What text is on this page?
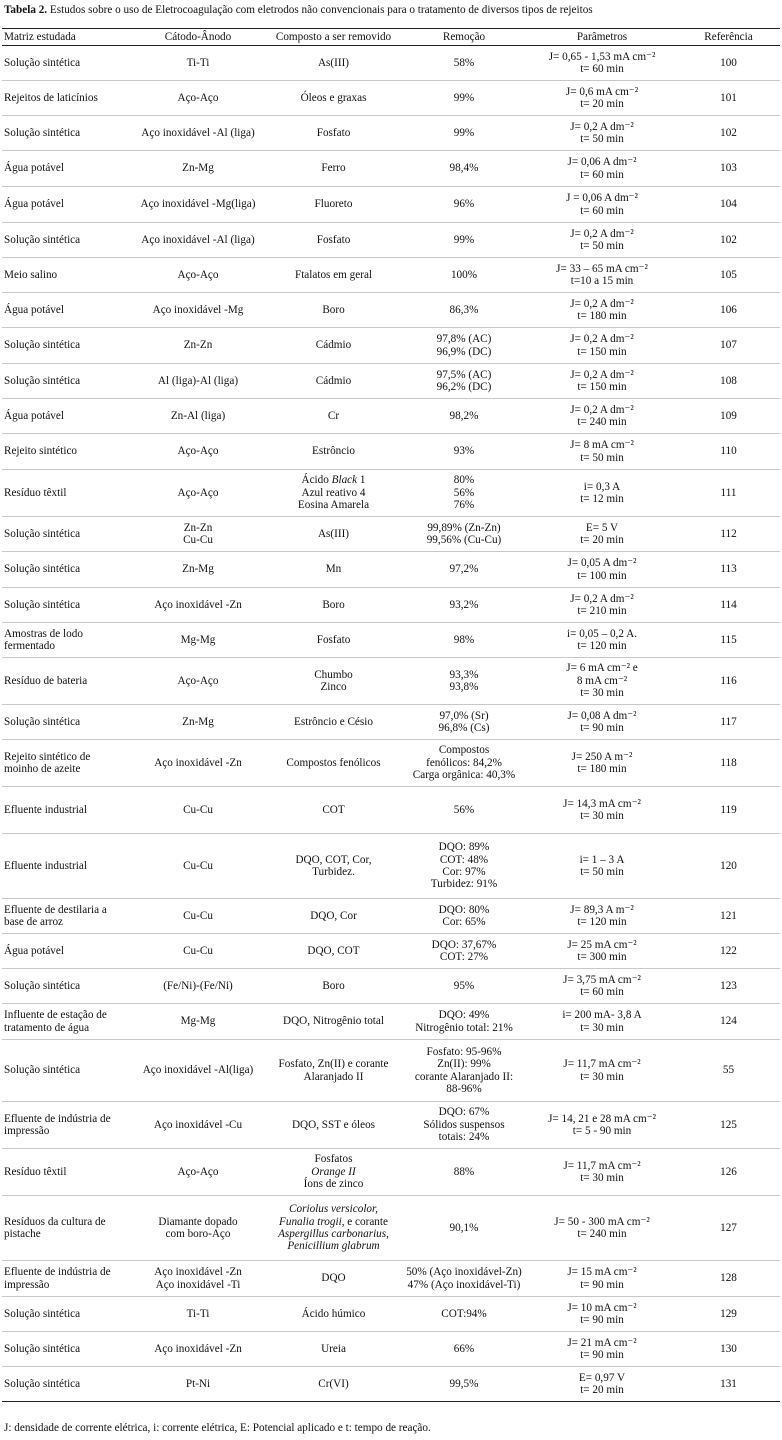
Tabela 2. Estudos sobre o uso de Eletrocoagulação com eletrodos não convencionais para o tratamento de diversos tipos de rejeitos
Matriz estudada	Cátodo-Ânodo	Composto a ser removido	Remoção	Parâmetros	Referência

Solução sintética	Ti-Ti	As(III)	58%	J= 0,65 - 1,53 mA cm⁻²
t= 60 min	100

Rejeitos de laticínios	Aço-Aço	Óleos e graxas	99%	J= 0,6 mA cm⁻²
t= 20 min	101

Solução sintética	Aço inoxidável -Al (liga)	Fosfato	99%	J= 0,2 A dm⁻²
t= 50 min	102

Água potável	Zn-Mg	Ferro	98,4%	J= 0,06 A dm⁻²
t= 60 min	103

Água potável	Aço inoxidável -Mg(liga)	Fluoreto	96%	J = 0,06 A dm⁻²
t= 60 min	104

Solução sintética	Aço inoxidável -Al (liga)	Fosfato	99%	J= 0,2 A dm⁻²
t= 50 min	102

Meio salino	Aço-Aço	Ftalatos em geral	100%	J= 33 – 65 mA cm⁻²
t=10 a 15 min	105

Água potável	Aço inoxidável -Mg	Boro	86,3%	J= 0,2 A dm⁻²
t= 180 min	106

Solução sintética	Zn-Zn	Cádmio	97,8% (AC)
96,9% (DC)	J= 0,2 A dm⁻²
t= 150 min	107

Solução sintética	Al (liga)-Al (liga)	Cádmio	97,5% (AC)
96,2% (DC)	J= 0,2 A dm⁻²
t= 150 min	108

Água potável	Zn-Al (liga)	Cr	98,2%	J= 0,2 A dm⁻²
t= 240 min	109

Rejeito sintético	Aço-Aço	Estrôncio	93%	J= 8 mA cm⁻²
t= 50 min	110

Resíduo têxtil	Aço-Aço	Ácido Black 1
Azul reativo 4
Eosina Amarela	80%
56%
76%	i= 0,3 A
t= 12 min	111

Solução sintética	Zn-Zn
Cu-Cu	As(III)	99,89% (Zn-Zn)
99,56% (Cu-Cu)	E= 5 V
t= 20 min	112

Solução sintética	Zn-Mg	Mn	97,2%	J= 0,05 A dm⁻²
t= 100 min	113

Solução sintética	Aço inoxidável -Zn	Boro	93,2%	J= 0,2 A dm⁻²
t= 210 min	114

Amostras de lodo
fermentado	Mg-Mg	Fosfato	98%	i= 0,05 – 0,2 A.
t= 120 min	115

Resíduo de bateria	Aço-Aço	Chumbo
Zinco	93,3%
93,8%	J= 6 mA cm⁻² e
8 mA cm⁻²
t= 30 min	116

Solução sintética	Zn-Mg	Estrôncio e Césio	97,0% (Sr)
96,8% (Cs)	J= 0,08 A dm⁻²
t= 90 min	117

Rejeito sintético de
moinho de azeite	Aço inoxidável -Zn	Compostos fenólicos	Compostos
fenólicos: 84,2%
Carga orgânica: 40,3%	J= 250 A m⁻²
t= 180 min	118

Efluente industrial	Cu-Cu	COT	56%	J= 14,3 mA cm⁻²
t= 30 min	119

Efluente industrial	Cu-Cu	DQO, COT, Cor,
Turbidez.	DQO: 89%
COT: 48%
Cor: 97%
Turbidez: 91%	i= 1 – 3 A
t= 50 min	120

Efluente de destilaria a
base de arroz	Cu-Cu	DQO, Cor	DQO: 80%
Cor: 65%	J= 89,3 A m⁻²
t= 120 min	121

Água potável	Cu-Cu	DQO, COT	DQO: 37,67%
COT: 27%	J= 25 mA cm⁻²
t= 300 min	122

Solução sintética	(Fe/Ni)-(Fe/Ni)	Boro	95%	J= 3,75 mA cm⁻²
t= 60 min	123

Influente de estação de
tratamento de água	Mg-Mg	DQO, Nitrogênio total	DQO: 49%
Nitrogênio total: 21%	i= 200 mA- 3,8 A
t= 30 min	124

Solução sintética	Aço inoxidável -Al(liga)	Fosfato, Zn(II) e corante
Alaranjado II	Fosfato: 95-96%
Zn(II): 99%
corante Alaranjado II:
88-96%	J= 11,7 mA cm⁻²
t= 30 min	55

Efluente de indústria de
impressão	Aço inoxidável -Cu	DQO, SST e óleos	DQO: 67%
Sólidos suspensos
totais: 24%	J= 14, 21 e 28 mA cm⁻²
t= 5 - 90 min	125

Resíduo têxtil	Aço-Aço	Fosfatos
Orange II
Íons de zinco	88%	J= 11,7 mA cm⁻²
t= 30 min	126

Resíduos da cultura de
pistache	Diamante dopado
com boro-Aço	Coriolus versicolor,
Funalia trogii, e corante
Aspergillus carbonarius,
Penicillium glabrum	90,1%	J= 50 - 300 mA cm⁻²
t= 240 min	127

Efluente de indústria de
impressão	Aço inoxidável -Zn
Aço inoxidável -Ti	DQO	50% (Aço inoxidável-Zn)
47% (Aço inoxidável-Ti)	J= 15 mA cm⁻²
t= 90 min	128

Solução sintética	Ti-Ti	Ácido húmico	COT:94%	J= 10 mA cm⁻²
t= 90 min	129

Solução sintética	Aço inoxidável -Zn	Ureia	66%	J= 21 mA cm⁻²
t= 90 min	130

Solução sintética	Pt-Ni	Cr(VI)	99,5%	E= 0,97 V
t= 20 min	131
J: densidade de corrente elétrica, i: corrente elétrica, E: Potencial aplicado e t: tempo de reação.
